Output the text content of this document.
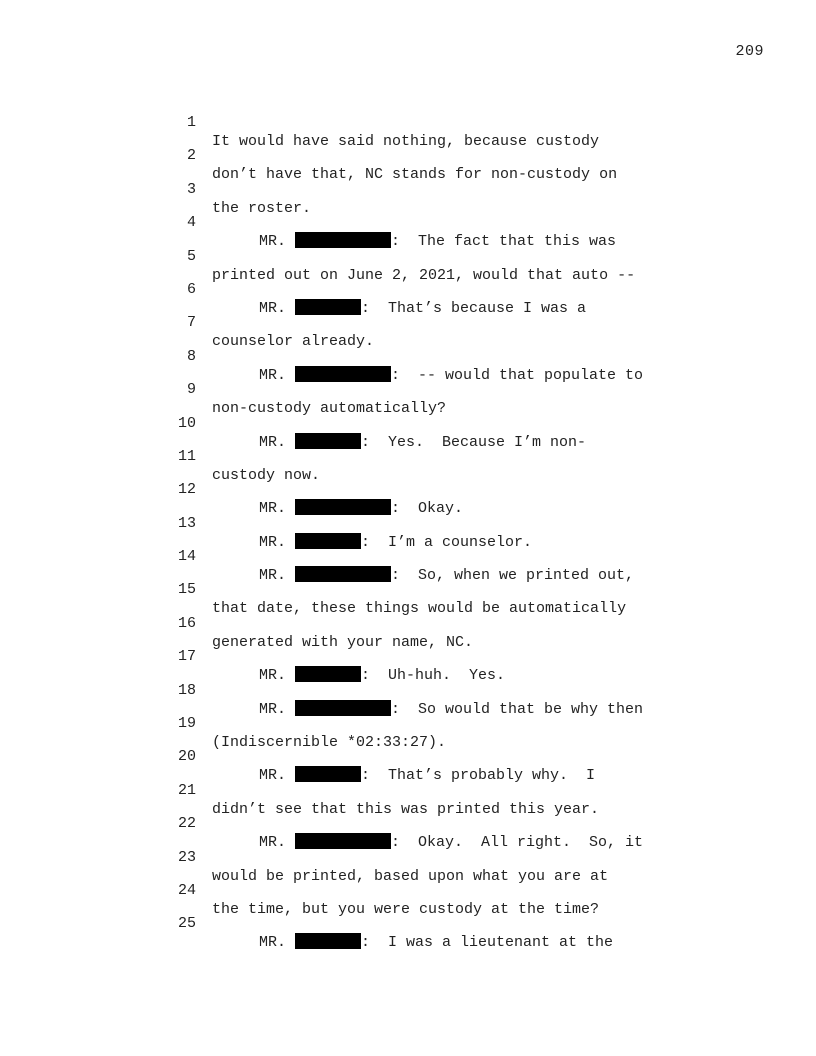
209

1

It would have said nothing, because custody

2

don’t have that, NC stands for non-custody on

3

the roster.

4

MR.	:  The fact that this was

5

printed out on June 2, 2021, would that auto --

6

MR.	:  That’s because I was a

7

counselor already.

8

MR.	:  -- would that populate to

9

non-custody automatically?

10

MR.	:  Yes.  Because I’m non-

11

custody now.

12

MR.	:  Okay.

13

MR.	:  I’m a counselor.

14

MR.	:  So, when we printed out,

15

that date, these things would be automatically

16

generated with your name, NC.

17

MR.	:  Uh-huh.  Yes.

18

MR.	:  So would that be why then

19

(Indiscernible *02:33:27).

20

MR.	:  That’s probably why.  I

21

didn’t see that this was printed this year.

22

MR.	:  Okay.  All right.  So, it

23

would be printed, based upon what you are at

24

the time, but you were custody at the time?

25

MR.	:  I was a lieutenant at the
